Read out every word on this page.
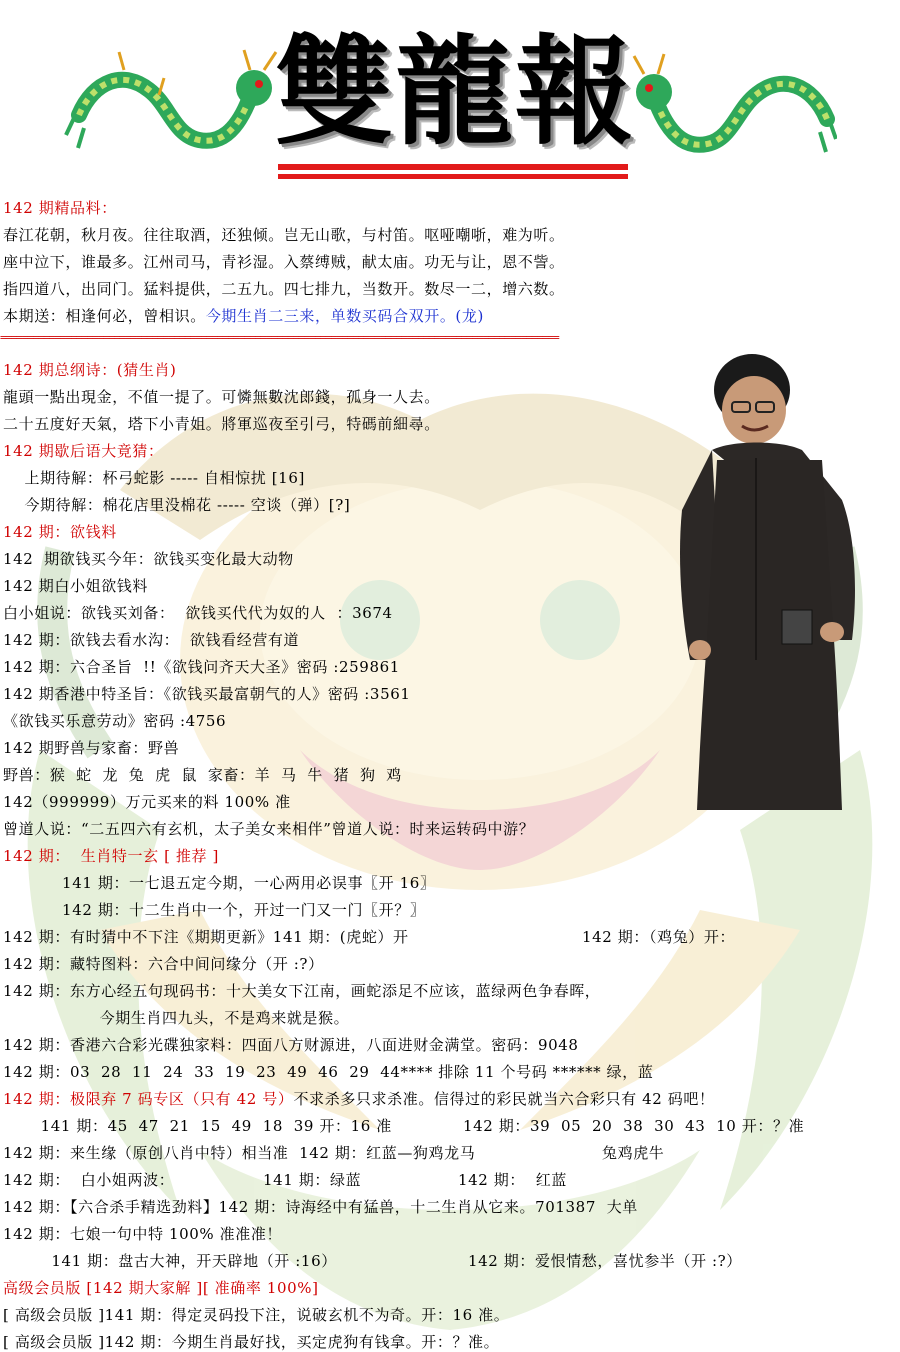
雙龍報
142 期精品料：
春江花朝，秋月夜。往往取酒，还独倾。岂无山歌，与村笛。呕哑嘲哳，难为听。
座中泣下，谁最多。江州司马，青衫湿。入蔡缚贼，献太庙。功无与让，恩不訾。
指四道八，出同门。猛料提供，二五九。四七排九，当数开。数尽一二，增六数。
本期送：相逢何必，曾相识。今期生肖二三来，单数买码合双开。(龙)
=======================================================================================================
142 期总纲诗：(猜生肖)
龍頭一點出現金，不值一提了。可憐無數沈郎錢，孤身一人去。
二十五度好天氣，塔下小青姐。將軍巡夜至引弓，特碼前細尋。
142 期歇后语大竟猜：
上期待解：杯弓蛇影 ----- 自相惊扰 [16]
今期待解：棉花店里没棉花 ----- 空谈（弹）[?]
142 期：欲钱料
142  期欲钱买今年：欲钱买变化最大动物
142 期白小姐欲钱料
白小姐说：欲钱买刘备：  欲钱买代代为奴的人  ：3674
142 期：欲钱去看水沟：  欲钱看经营有道
142 期：六合圣旨  !!《欲钱问齐天大圣》密码 :259861
142 期香港中特圣旨：《欲钱买最富朝气的人》密码 :3561
《欲钱买乐意劳动》密码 :4756
142 期野兽与家畜：野兽
野兽：猴  蛇  龙  兔  虎  鼠  家畜：羊  马  牛  猪  狗  鸡
142（999999）万元买来的料 100% 准
曾道人说：“二五四六有玄机，太子美女来相伴”曾道人说：时来运转码中游？
142 期：  生肖特一玄 [ 推荐 ]
141 期：一七退五定今期，一心两用必误事〖开 16〗
142 期：十二生肖中一个，开过一门又一门〖开？〗
142 期：有时猜中不下注《期期更新》141 期：(虎蛇）开	142 期：（鸡兔）开：
142 期：藏特图料：六合中间问缘分（开 :?）
142 期：东方心经五句现码书：十大美女下江南，画蛇添足不应该，蓝绿两色争春晖，
今期生肖四九头，不是鸡来就是猴。
142 期：香港六合彩光碟独家料：四面八方财源进，八面进财金满堂。密码：9048
142 期：03  28  11  24  33  19  23  49  46  29  44**** 排除 11 个号码 ****** 绿，蓝
142 期：极限弃 7 码专区（只有 42 号）不求杀多只求杀准。信得过的彩民就当六合彩只有 42 码吧！
141 期：45  47  21  15  49  18  39 开：16 准	142 期：39  05  20  38  30  43  10 开：？准
142 期：来生缘（原创八肖中特）相当准  142 期：红蓝—狗鸡龙马	兔鸡虎牛
142 期：  白小姐两波：	141 期：绿蓝	142 期：  红蓝
142 期：【六合杀手精选劲料】142 期：诗海经中有猛兽，十二生肖从它来。701387  大单
142 期：七娘一句中特 100% 准准准！
141 期：盘古大神，开天辟地（开 :16）	142 期：爱恨情愁，喜忧参半（开 :?）
高级会员版 [142 期大家解 ][ 准确率 100%]
[ 高级会员版 ]141 期：得定灵码投下注，说破玄机不为奇。开：16 准。
[ 高级会员版 ]142 期：今期生肖最好找，买定虎狗有钱拿。开：？准。
